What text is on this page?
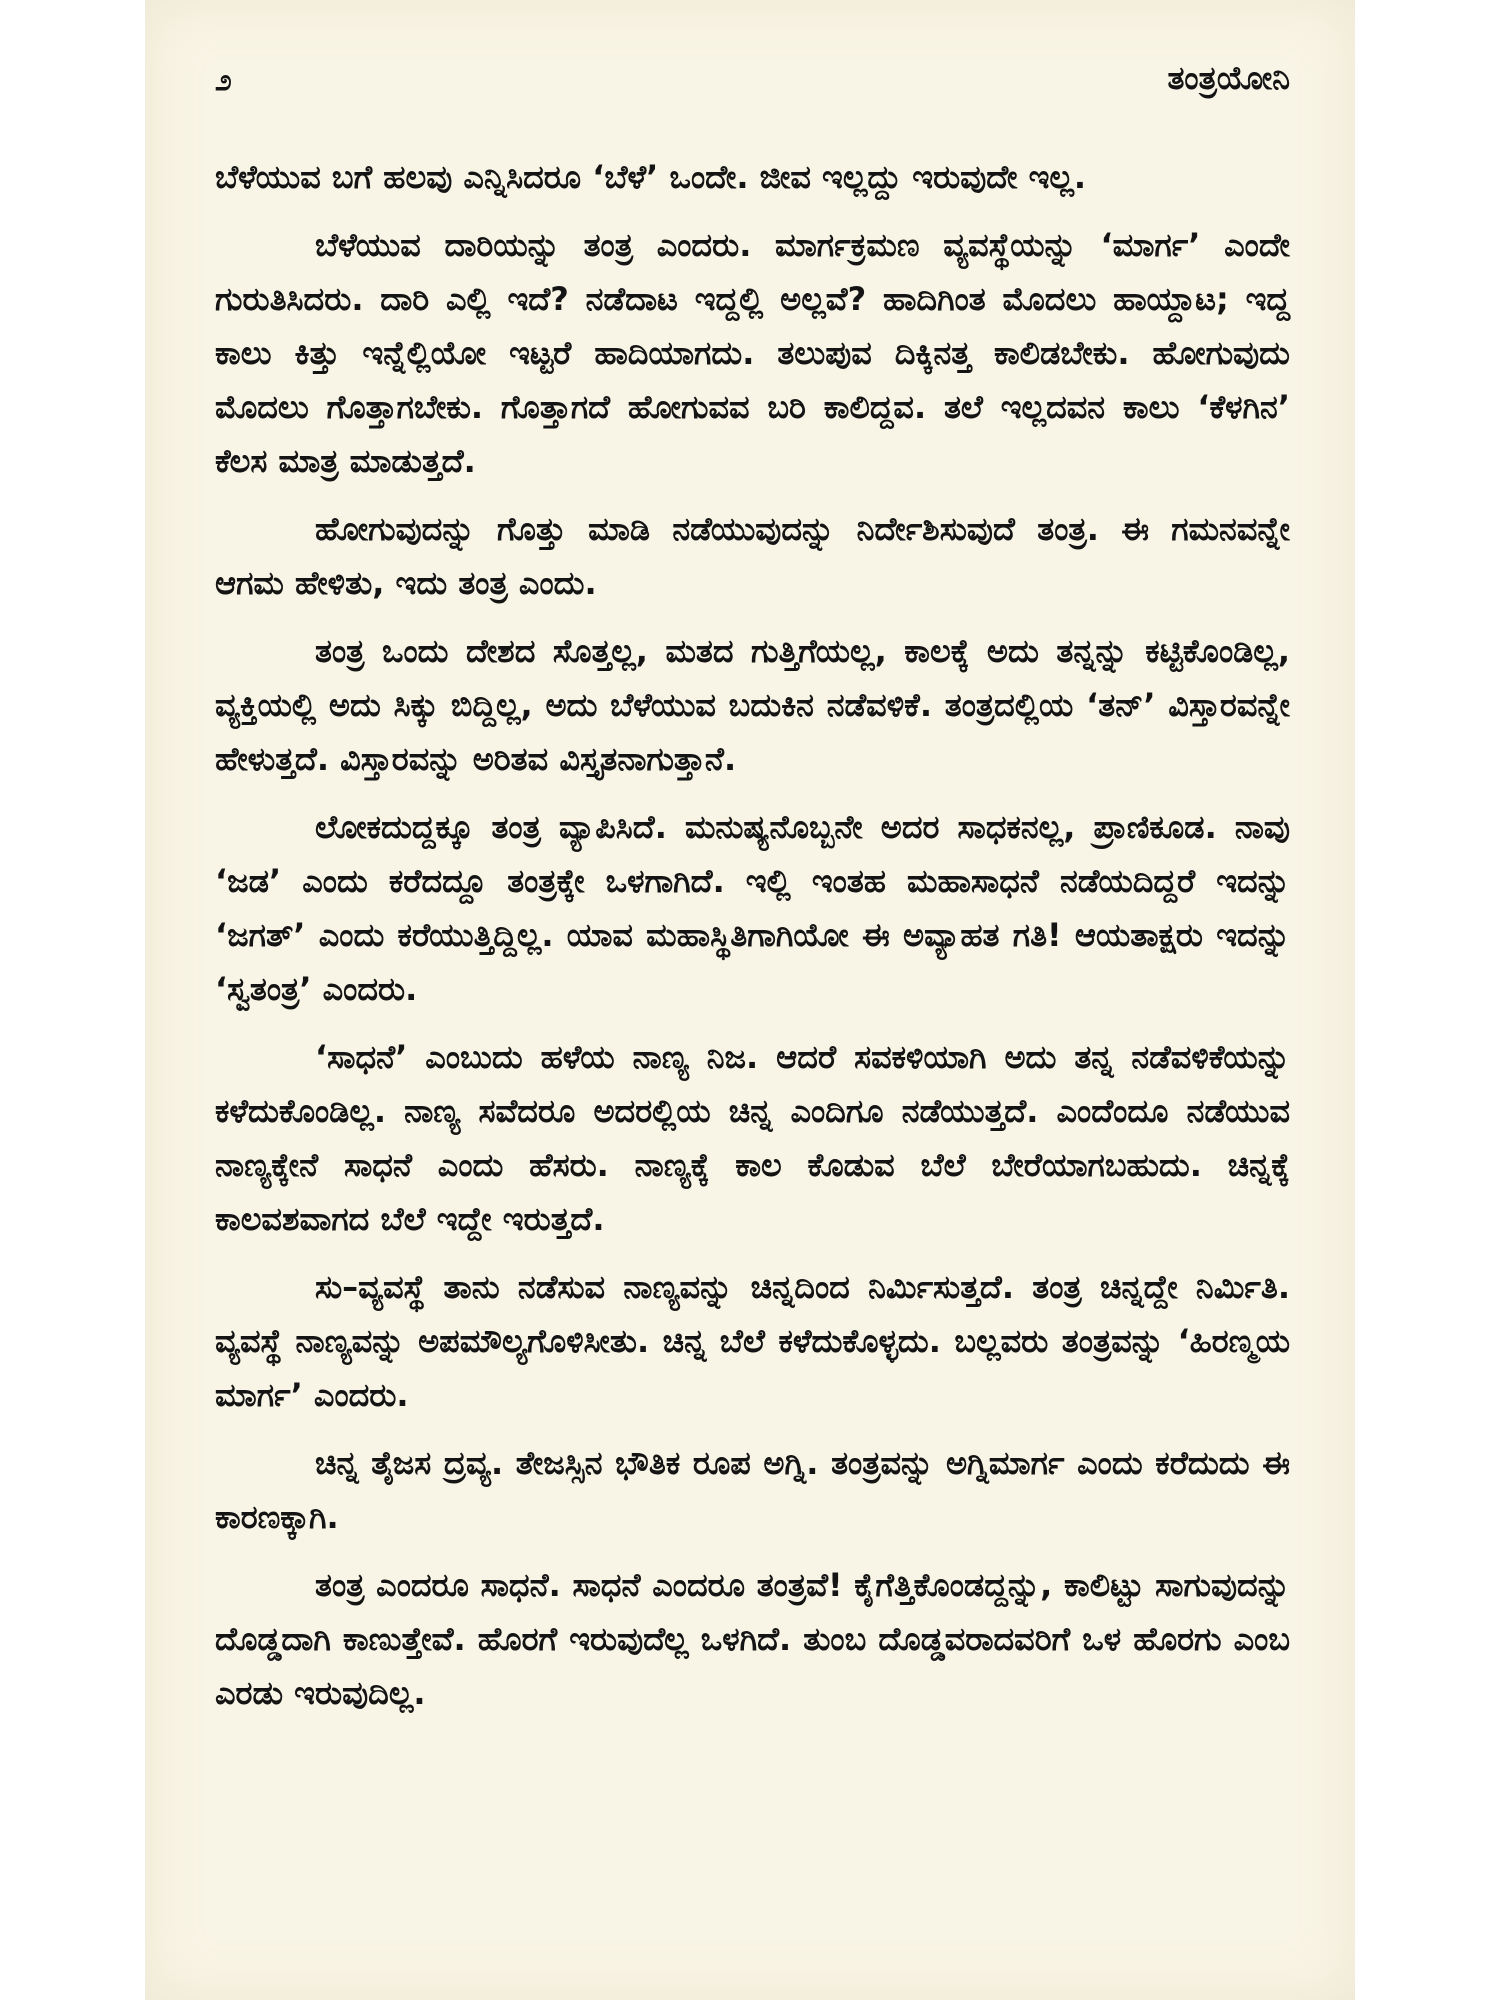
೨	ತಂತ್ರಯೋನಿ

ಬೆಳೆಯುವ ಬಗೆ ಹಲವು ಎನ್ನಿಸಿದರೂ ‘ಬೆಳೆ’ ಒಂದೇ. ಜೀವ ಇಲ್ಲದ್ದು ಇರುವುದೇ ಇಲ್ಲ.

ಬೆಳೆಯುವ ದಾರಿಯನ್ನು ತಂತ್ರ ಎಂದರು. ಮಾರ್ಗಕ್ರಮಣ ವ್ಯವಸ್ಥೆಯನ್ನು ‘ಮಾರ್ಗ’ ಎಂದೇ ಗುರುತಿಸಿದರು. ದಾರಿ ಎಲ್ಲಿ ಇದೆ? ನಡೆದಾಟ ಇದ್ದಲ್ಲಿ ಅಲ್ಲವೆ? ಹಾದಿಗಿಂತ ಮೊದಲು ಹಾಯ್ದಾಟ; ಇದ್ದ ಕಾಲು ಕಿತ್ತು ಇನ್ನೆಲ್ಲಿಯೋ ಇಟ್ಟರೆ ಹಾದಿಯಾಗದು. ತಲುಪುವ ದಿಕ್ಕಿನತ್ತ ಕಾಲಿಡಬೇಕು. ಹೋಗುವುದು ಮೊದಲು ಗೊತ್ತಾಗಬೇಕು. ಗೊತ್ತಾಗದೆ ಹೋಗುವವ ಬರಿ ಕಾಲಿದ್ದವ. ತಲೆ ಇಲ್ಲದವನ ಕಾಲು ‘ಕೆಳಗಿನ’ ಕೆಲಸ ಮಾತ್ರ ಮಾಡುತ್ತದೆ.

ಹೋಗುವುದನ್ನು ಗೊತ್ತು ಮಾಡಿ ನಡೆಯುವುದನ್ನು ನಿರ್ದೇಶಿಸುವುದೆ ತಂತ್ರ. ಈ ಗಮನವನ್ನೇ ಆಗಮ ಹೇಳಿತು, ಇದು ತಂತ್ರ ಎಂದು.

ತಂತ್ರ ಒಂದು ದೇಶದ ಸೊತ್ತಲ್ಲ, ಮತದ ಗುತ್ತಿಗೆಯಲ್ಲ, ಕಾಲಕ್ಕೆ ಅದು ತನ್ನನ್ನು ಕಟ್ಟಿಕೊಂಡಿಲ್ಲ, ವ್ಯಕ್ತಿಯಲ್ಲಿ ಅದು ಸಿಕ್ಕು ಬಿದ್ದಿಲ್ಲ, ಅದು ಬೆಳೆಯುವ ಬದುಕಿನ ನಡೆವಳಿಕೆ. ತಂತ್ರದಲ್ಲಿಯ ‘ತನ್’ ವಿಸ್ತಾರವನ್ನೇ ಹೇಳುತ್ತದೆ. ವಿಸ್ತಾರವನ್ನು ಅರಿತವ ವಿಸ್ತೃತನಾಗುತ್ತಾನೆ.

ಲೋಕದುದ್ದಕ್ಕೂ ತಂತ್ರ ವ್ಯಾಪಿಸಿದೆ. ಮನುಷ್ಯನೊಬ್ಬನೇ ಅದರ ಸಾಧಕನಲ್ಲ, ಪ್ರಾಣಿಕೂಡ. ನಾವು ‘ಜಡ’ ಎಂದು ಕರೆದದ್ದೂ ತಂತ್ರಕ್ಕೇ ಒಳಗಾಗಿದೆ. ಇಲ್ಲಿ ಇಂತಹ ಮಹಾಸಾಧನೆ ನಡೆಯದಿದ್ದರೆ ಇದನ್ನು ‘ಜಗತ್’ ಎಂದು ಕರೆಯುತ್ತಿದ್ದಿಲ್ಲ. ಯಾವ ಮಹಾಸ್ಥಿತಿಗಾಗಿಯೋ ಈ ಅವ್ಯಾಹತ ಗತಿ! ಆಯತಾಕ್ಷರು ಇದನ್ನು ‘ಸ್ವತಂತ್ರ’ ಎಂದರು.

‘ಸಾಧನೆ’ ಎಂಬುದು ಹಳೆಯ ನಾಣ್ಯ ನಿಜ. ಆದರೆ ಸವಕಳಿಯಾಗಿ ಅದು ತನ್ನ ನಡೆವಳಿಕೆಯನ್ನು ಕಳೆದುಕೊಂಡಿಲ್ಲ. ನಾಣ್ಯ ಸವೆದರೂ ಅದರಲ್ಲಿಯ ಚಿನ್ನ ಎಂದಿಗೂ ನಡೆಯುತ್ತದೆ. ಎಂದೆಂದೂ ನಡೆಯುವ ನಾಣ್ಯಕ್ಕೇನೆ ಸಾಧನೆ ಎಂದು ಹೆಸರು. ನಾಣ್ಯಕ್ಕೆ ಕಾಲ ಕೊಡುವ ಬೆಲೆ ಬೇರೆಯಾಗಬಹುದು. ಚಿನ್ನಕ್ಕೆ ಕಾಲವಶವಾಗದ ಬೆಲೆ ಇದ್ದೇ ಇರುತ್ತದೆ.

ಸು–ವ್ಯವಸ್ಥೆ ತಾನು ನಡೆಸುವ ನಾಣ್ಯವನ್ನು ಚಿನ್ನದಿಂದ ನಿರ್ಮಿಸುತ್ತದೆ. ತಂತ್ರ ಚಿನ್ನದ್ದೇ ನಿರ್ಮಿತಿ. ವ್ಯವಸ್ಥೆ ನಾಣ್ಯವನ್ನು ಅಪಮೌಲ್ಯಗೊಳಿಸೀತು. ಚಿನ್ನ ಬೆಲೆ ಕಳೆದುಕೊಳ್ಳದು. ಬಲ್ಲವರು ತಂತ್ರವನ್ನು ‘ಹಿರಣ್ಮಯ ಮಾರ್ಗ’ ಎಂದರು.

ಚಿನ್ನ ತೈಜಸ ದ್ರವ್ಯ. ತೇಜಸ್ಸಿನ ಭೌತಿಕ ರೂಪ ಅಗ್ನಿ. ತಂತ್ರವನ್ನು ಅಗ್ನಿಮಾರ್ಗ ಎಂದು ಕರೆದುದು ಈ ಕಾರಣಕ್ಕಾಗಿ.

ತಂತ್ರ ಎಂದರೂ ಸಾಧನೆ. ಸಾಧನೆ ಎಂದರೂ ತಂತ್ರವೆ! ಕೈಗೆತ್ತಿಕೊಂಡದ್ದನ್ನು, ಕಾಲಿಟ್ಟು ಸಾಗುವುದನ್ನು ದೊಡ್ಡದಾಗಿ ಕಾಣುತ್ತೇವೆ. ಹೊರಗೆ ಇರುವುದೆಲ್ಲ ಒಳಗಿದೆ. ತುಂಬ ದೊಡ್ಡವರಾದವರಿಗೆ ಒಳ ಹೊರಗು ಎಂಬ ಎರಡು ಇರುವುದಿಲ್ಲ.
